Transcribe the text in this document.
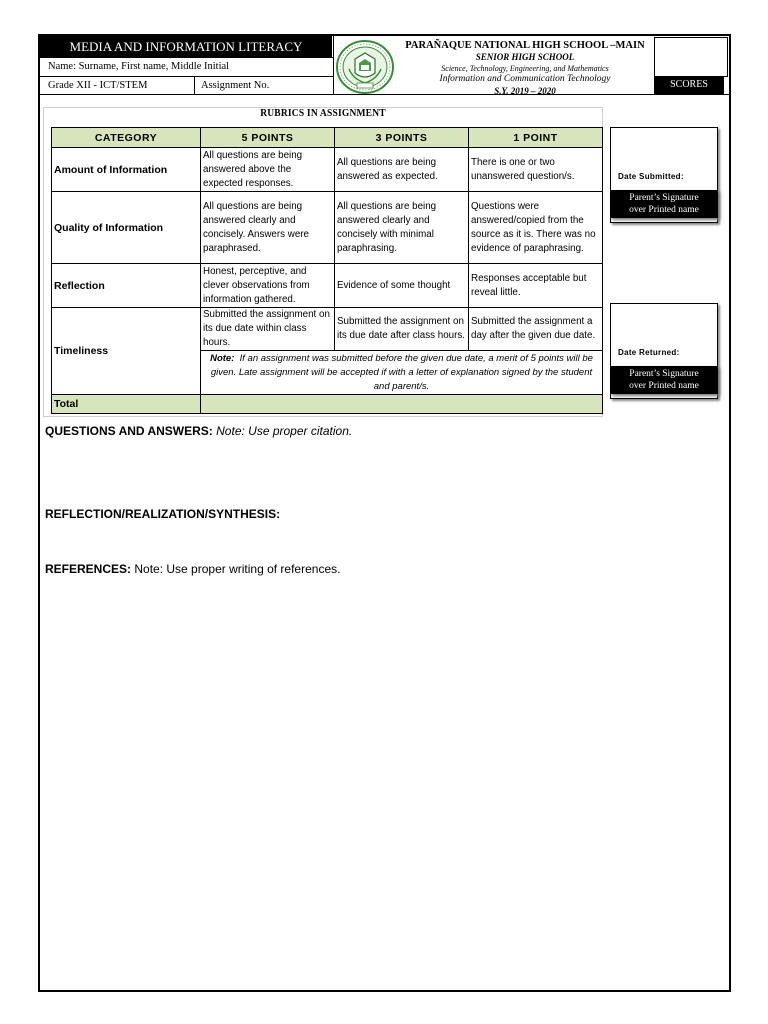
MEDIA AND INFORMATION LITERACY
Name: Surname, First name, Middle Initial
Grade XII - ICT/STEM	Assignment No.
PARAÑAQUE NATIONAL HIGH SCHOOL –MAIN
SENIOR HIGH SCHOOL
Science, Technology, Engineering, and Mathematics
Information and Communication Technology
S.Y. 2019 – 2020
SCORES
RUBRICS IN ASSIGNMENT
CATEGORY	5 POINTS	3 POINTS	1 POINT
Amount of Information	All questions are being answered above the expected responses.	All questions are being answered as expected.	There is one or two unanswered question/s.
Quality of Information	All questions are being answered clearly and concisely. Answers were paraphrased.	All questions are being answered clearly and concisely with minimal paraphrasing.	Questions were answered/copied from the source as it is. There was no evidence of paraphrasing.
Reflection	Honest, perceptive, and clever observations from information gathered.	Evidence of some thought	Responses acceptable but reveal little.
Timeliness	Submitted the assignment on its due date within class hours.	Submitted the assignment on its due date after class hours.	Submitted the assignment a day after the given due date.
	Note: If an assignment was submitted before the given due date, a merit of 5 points will be given. Late assignment will be accepted if with a letter of explanation signed by the student and parent/s.		
Total			
Date Submitted:
Parent’s Signature
over Printed name
Date Returned:
Parent’s Signature
over Printed name
QUESTIONS AND ANSWERS: Note: Use proper citation.
REFLECTION/REALIZATION/SYNTHESIS:
REFERENCES: Note: Use proper writing of references.
